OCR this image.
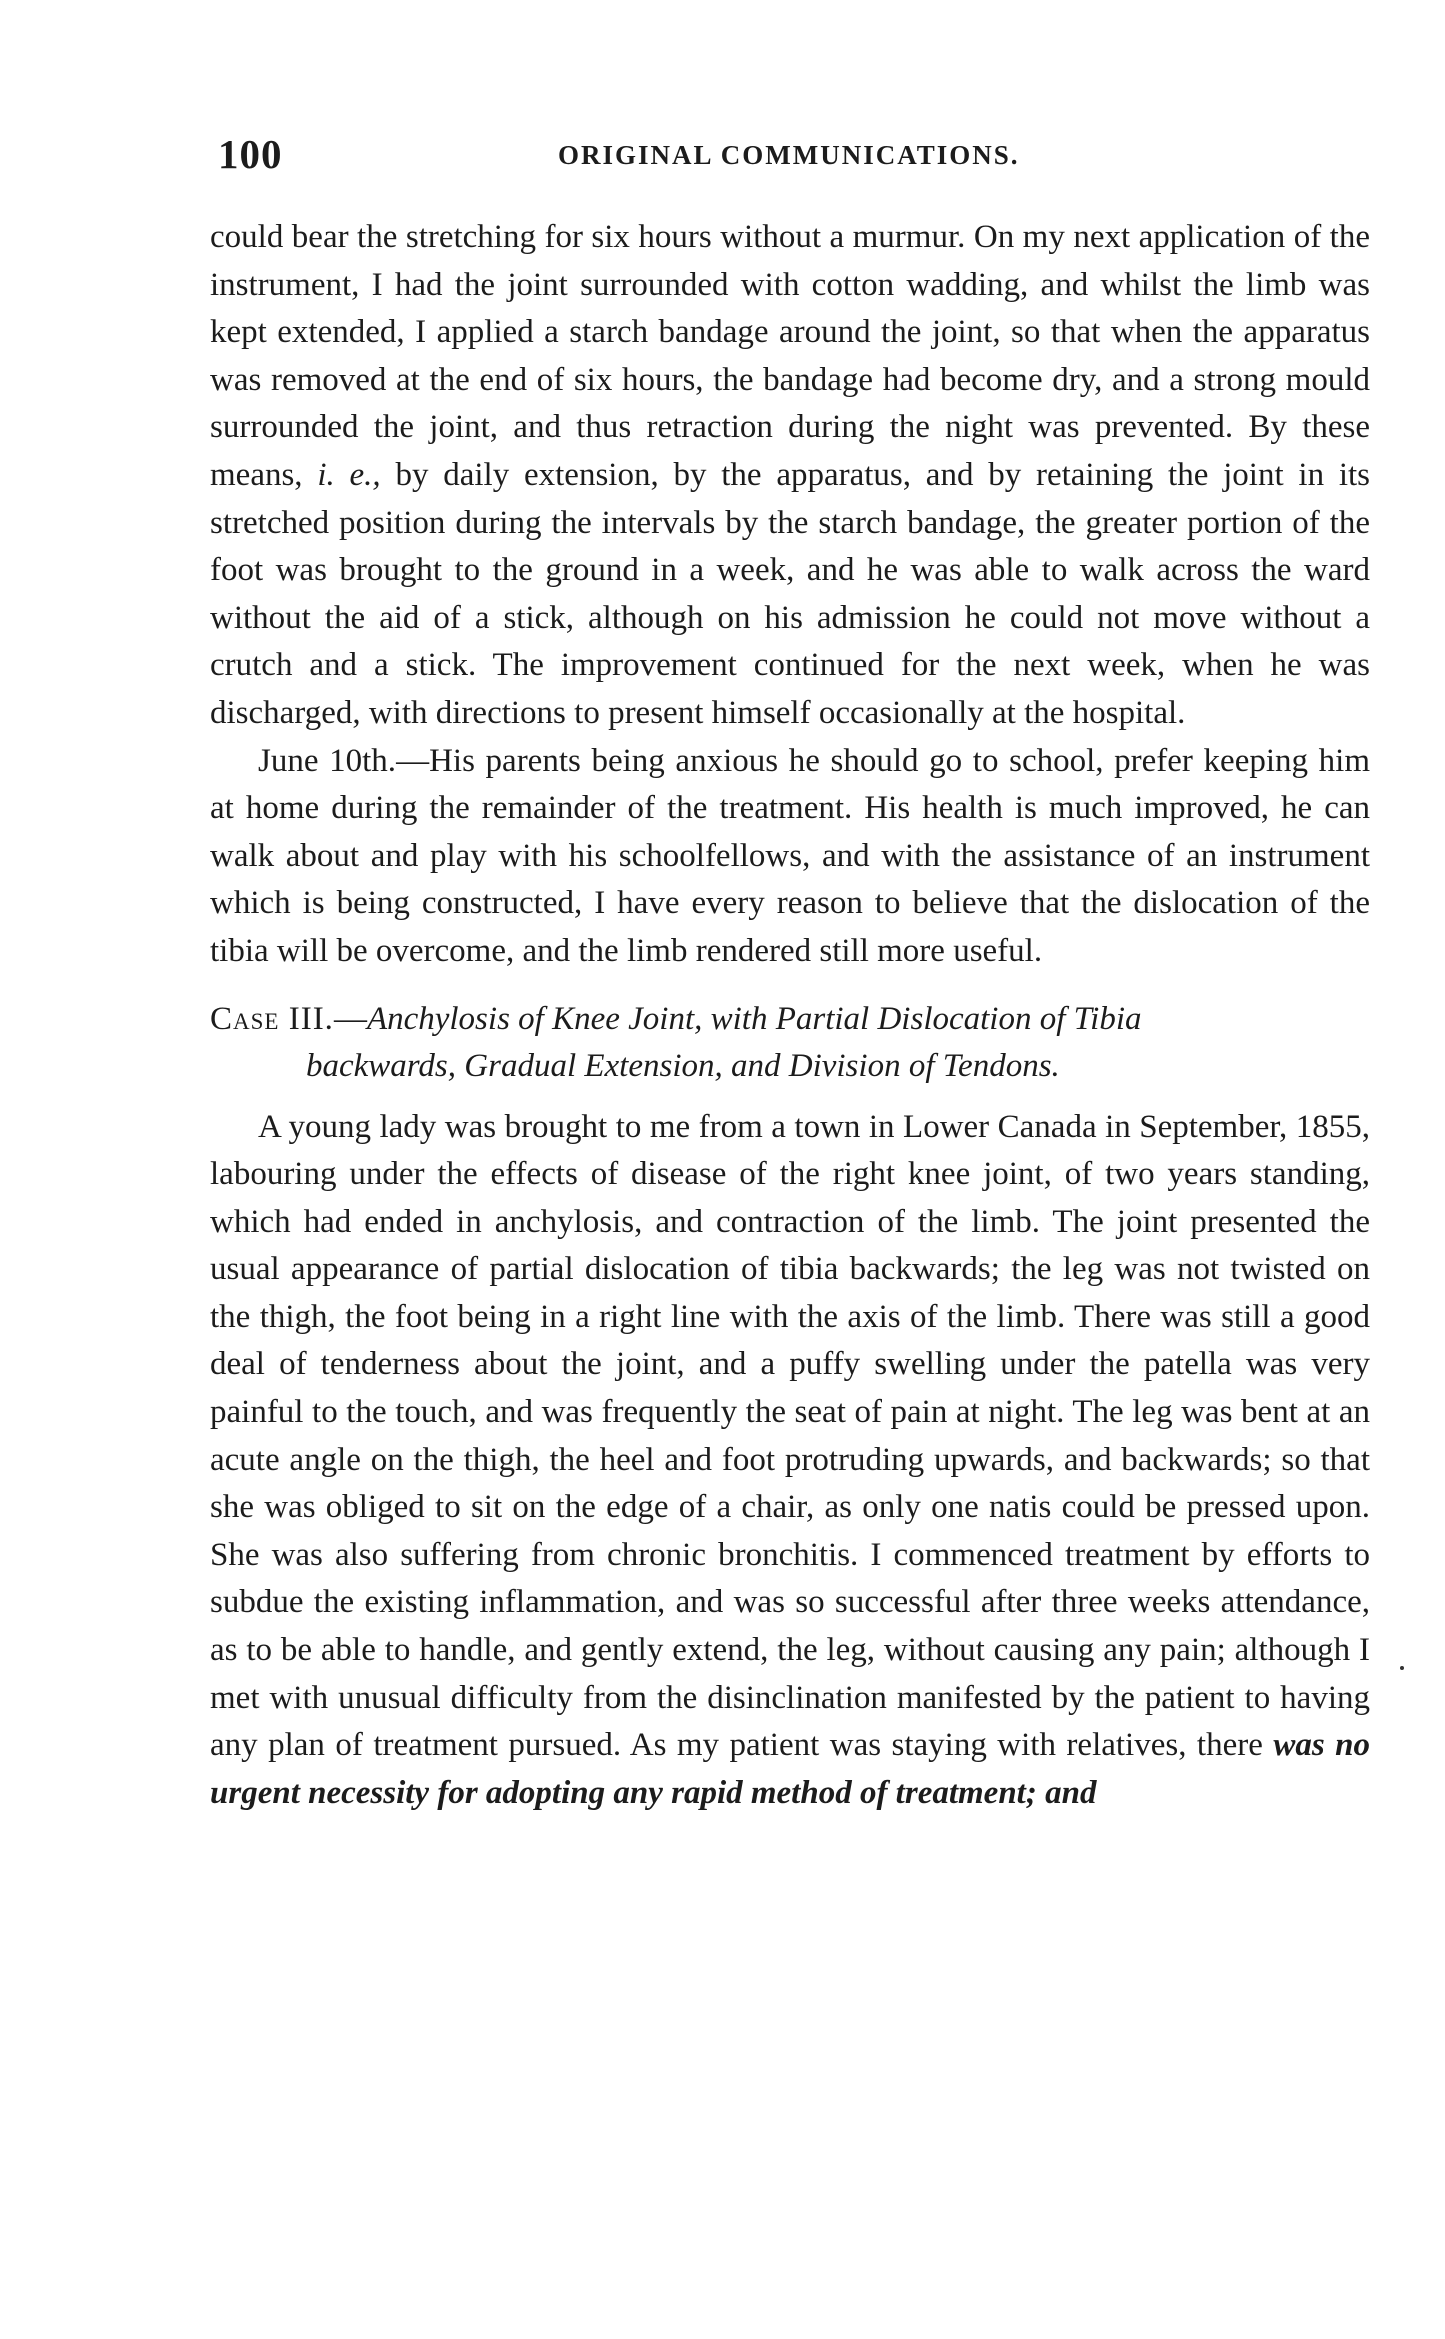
100	ORIGINAL COMMUNICATIONS.

could bear the stretching for six hours without a murmur. On my next application of the instrument, I had the joint surrounded with cotton wadding, and whilst the limb was kept extended, I applied a starch bandage around the joint, so that when the apparatus was removed at the end of six hours, the bandage had become dry, and a strong mould surrounded the joint, and thus retraction during the night was prevented. By these means, i. e., by daily extension, by the apparatus, and by retaining the joint in its stretched position during the intervals by the starch bandage, the greater portion of the foot was brought to the ground in a week, and he was able to walk across the ward without the aid of a stick, although on his admission he could not move without a crutch and a stick. The improvement continued for the next week, when he was discharged, with directions to present himself occasionally at the hospital.

June 10th.—His parents being anxious he should go to school, prefer keeping him at home during the remainder of the treatment. His health is much improved, he can walk about and play with his schoolfellows, and with the assistance of an instrument which is being constructed, I have every reason to believe that the dislocation of the tibia will be overcome, and the limb rendered still more useful.

Case III.—Anchylosis of Knee Joint, with Partial Dislocation of Tibia
backwards, Gradual Extension, and Division of Tendons.

A young lady was brought to me from a town in Lower Canada in September, 1855, labouring under the effects of disease of the right knee joint, of two years standing, which had ended in anchylosis, and contraction of the limb. The joint presented the usual appearance of partial dislocation of tibia backwards; the leg was not twisted on the thigh, the foot being in a right line with the axis of the limb. There was still a good deal of tenderness about the joint, and a puffy swelling under the patella was very painful to the touch, and was frequently the seat of pain at night. The leg was bent at an acute angle on the thigh, the heel and foot protruding upwards, and backwards; so that she was obliged to sit on the edge of a chair, as only one natis could be pressed upon. She was also suffering from chronic bronchitis. I commenced treatment by efforts to subdue the existing inflammation, and was so successful after three weeks attendance, as to be able to handle, and gently extend, the leg, without causing any pain; although I met with unusual difficulty from the disinclination manifested by the patient to having any plan of treatment pursued. As my patient was staying with relatives, there was no urgent necessity for adopting any rapid method of treatment; and
